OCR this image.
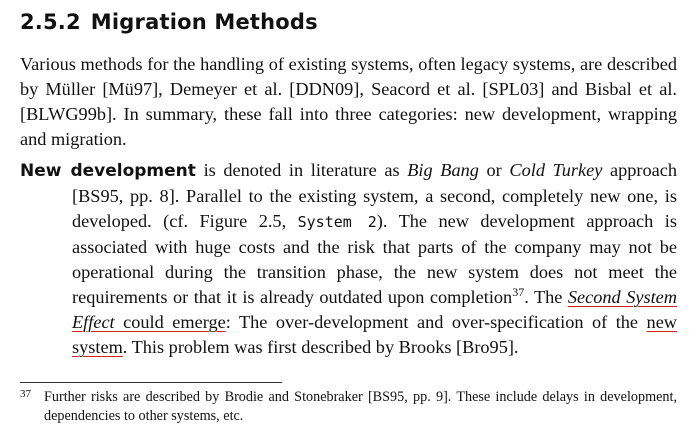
2.5.2 Migration Methods

Various methods for the handling of existing systems, often legacy systems, are described by Müller [Mü97], Demeyer et al. [DDN09], Seacord et al. [SPL03] and Bisbal et al. [BLWG99b]. In summary, these fall into three categories: new development, wrapping and migration.

New development is denoted in literature as Big Bang or Cold Turkey approach [BS95, pp. 8]. Parallel to the existing system, a second, completely new one, is developed. (cf. Figure 2.5, System 2). The new development approach is associated with huge costs and the risk that parts of the company may not be operational during the transition phase, the new system does not meet the requirements or that it is already outdated upon completion$^{37}$. The Second System Effect could emerge: The over-development and over-specification of the new system. This problem was first described by Brooks [Bro95].

37 Further risks are described by Brodie and Stonebraker [BS95, pp. 9]. These include delays in development, dependencies to other systems, etc.
